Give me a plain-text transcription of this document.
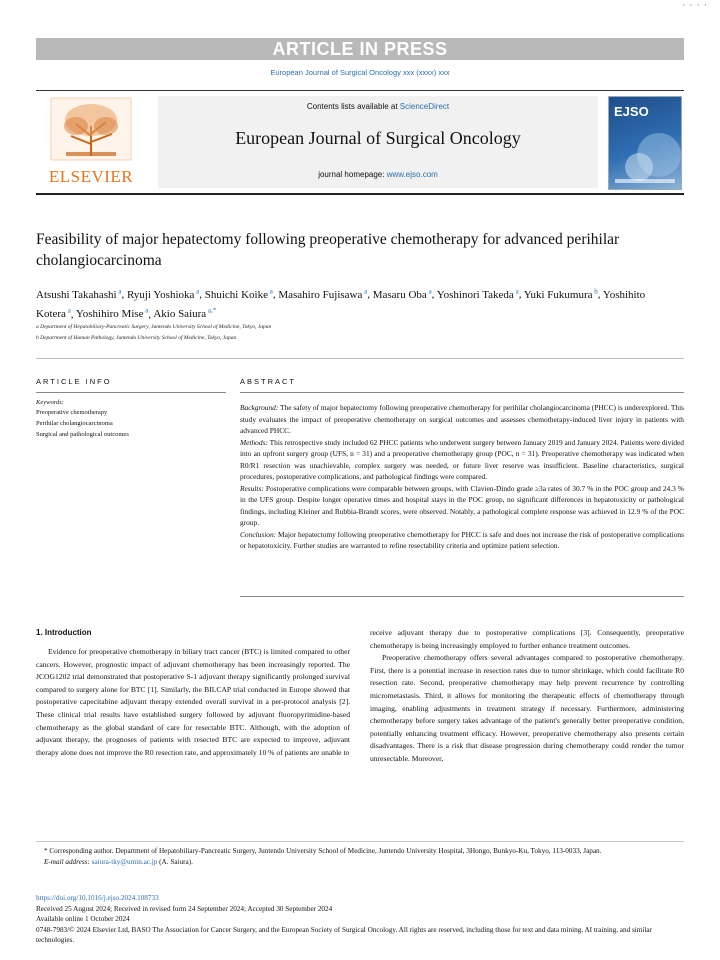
· · · ·
ARTICLE IN PRESS
European Journal of Surgical Oncology xxx (xxxx) xxx
ELSEVIER
Contents lists available at ScienceDirect
European Journal of Surgical Oncology
journal homepage: www.ejso.com
EJSO
Feasibility of major hepatectomy following preoperative chemotherapy for advanced perihilar cholangiocarcinoma
Atsushi Takahashi $^a$, Ryuji Yoshioka $^a$, Shuichi Koike $^a$, Masahiro Fujisawa $^a$, Masaru Oba $^a$, Yoshinori Takeda $^a$, Yuki Fukumura $^b$, Yoshihito Kotera $^a$, Yoshihiro Mise $^a$, Akio Saiura $^{a,*}$
a Department of Hepatobiliary-Pancreatic Surgery, Juntendo University School of Medicine, Tokyo, Japan
b Department of Human Pathology, Juntendo University School of Medicine, Tokyo, Japan
ARTICLE INFO	ABSTRACT
Keywords:
Preoperative chemotherapy
Perihilar cholangiocarcinoma
Surgical and pathological outcomes

Background: The safety of major hepatectomy following preoperative chemotherapy for perihilar cholangiocarcinoma (PHCC) is underexplored. This study evaluates the impact of preoperative chemotherapy on surgical outcomes and assesses chemotherapy-induced liver injury in patients with advanced PHCC.

Methods: This retrospective study included 62 PHCC patients who underwent surgery between January 2019 and January 2024. Patients were divided into an upfront surgery group (UFS, n = 31) and a preoperative chemotherapy group (POC, n = 31). Preoperative chemotherapy was indicated when R0/R1 resection was unachievable, complex surgery was needed, or future liver reserve was insufficient. Baseline characteristics, surgical procedures, postoperative complications, and pathological findings were compared.

Results: Postoperative complications were comparable between groups, with Clavien-Dindo grade ≥3a rates of 30.7 % in the POC group and 24.3 % in the UFS group. Despite longer operative times and hospital stays in the POC group, no significant differences in hepatotoxicity or pathological findings, including Kleiner and Rubbia-Brandt scores, were observed. Notably, a pathological complete response was achieved in 12.9 % of the POC group.

Conclusion: Major hepatectomy following preoperative chemotherapy for PHCC is safe and does not increase the risk of postoperative complications or hepatotoxicity. Further studies are warranted to refine resectability criteria and optimize patient selection.

1. Introduction

Evidence for preoperative chemotherapy in biliary tract cancer (BTC) is limited compared to other cancers. However, prognostic impact of adjuvant chemotherapy has been increasingly reported. The JCOG1202 trial demonstrated that postoperative S-1 adjuvant therapy significantly prolonged survival compared to surgery alone for BTC [1]. Similarly, the BILCAP trial conducted in Europe showed that postoperative capecitabine adjuvant therapy extended overall survival in a per-protocol analysis [2]. These clinical trial results have established surgery followed by adjuvant fluoropyrimidine-based chemotherapy as the global standard of care for resectable BTC. Although, with the adoption of adjuvant therapy, the prognoses of patients with resected BTC are expected to improve, adjuvant therapy alone does not improve the R0 resection rate, and approximately 10 % of patients are unable to

receive adjuvant therapy due to postoperative complications [3]. Consequently, preoperative chemotherapy is being increasingly employed to further enhance treatment outcomes.

Preoperative chemotherapy offers several advantages compared to postoperative chemotherapy. First, there is a potential increase in resection rates due to tumor shrinkage, which could facilitate R0 resection rate. Second, preoperative chemotherapy may help prevent recurrence by controlling micrometastasis. Third, it allows for monitoring the therapeutic effects of chemotherapy through imaging, enabling adjustments in treatment strategy if necessary. Furthermore, administering chemotherapy before surgery takes advantage of the patient's generally better preoperative condition, potentially enhancing treatment efficacy. However, preoperative chemotherapy also presents certain disadvantages. There is a risk that disease progression during chemotherapy could render the tumor unresectable. Moreover,

* Corresponding author. Department of Hepatobiliary-Pancreatic Surgery, Juntendo University School of Medicine, Juntendo University Hospital, 3Hongo, Bunkyo-Ku, Tokyo, 113-0033, Japan.
E-mail address: saiura-tky@umin.ac.jp (A. Saiura).
https://doi.org/10.1016/j.ejso.2024.108733
Received 25 August 2024; Received in revised form 24 September 2024; Accepted 30 September 2024
Available online 1 October 2024
0748-7983/© 2024 Elsevier Ltd, BASO The Association for Cancer Surgery, and the European Society of Surgical Oncology. All rights are reserved, including those for text and data mining, AI training, and similar technologies.
